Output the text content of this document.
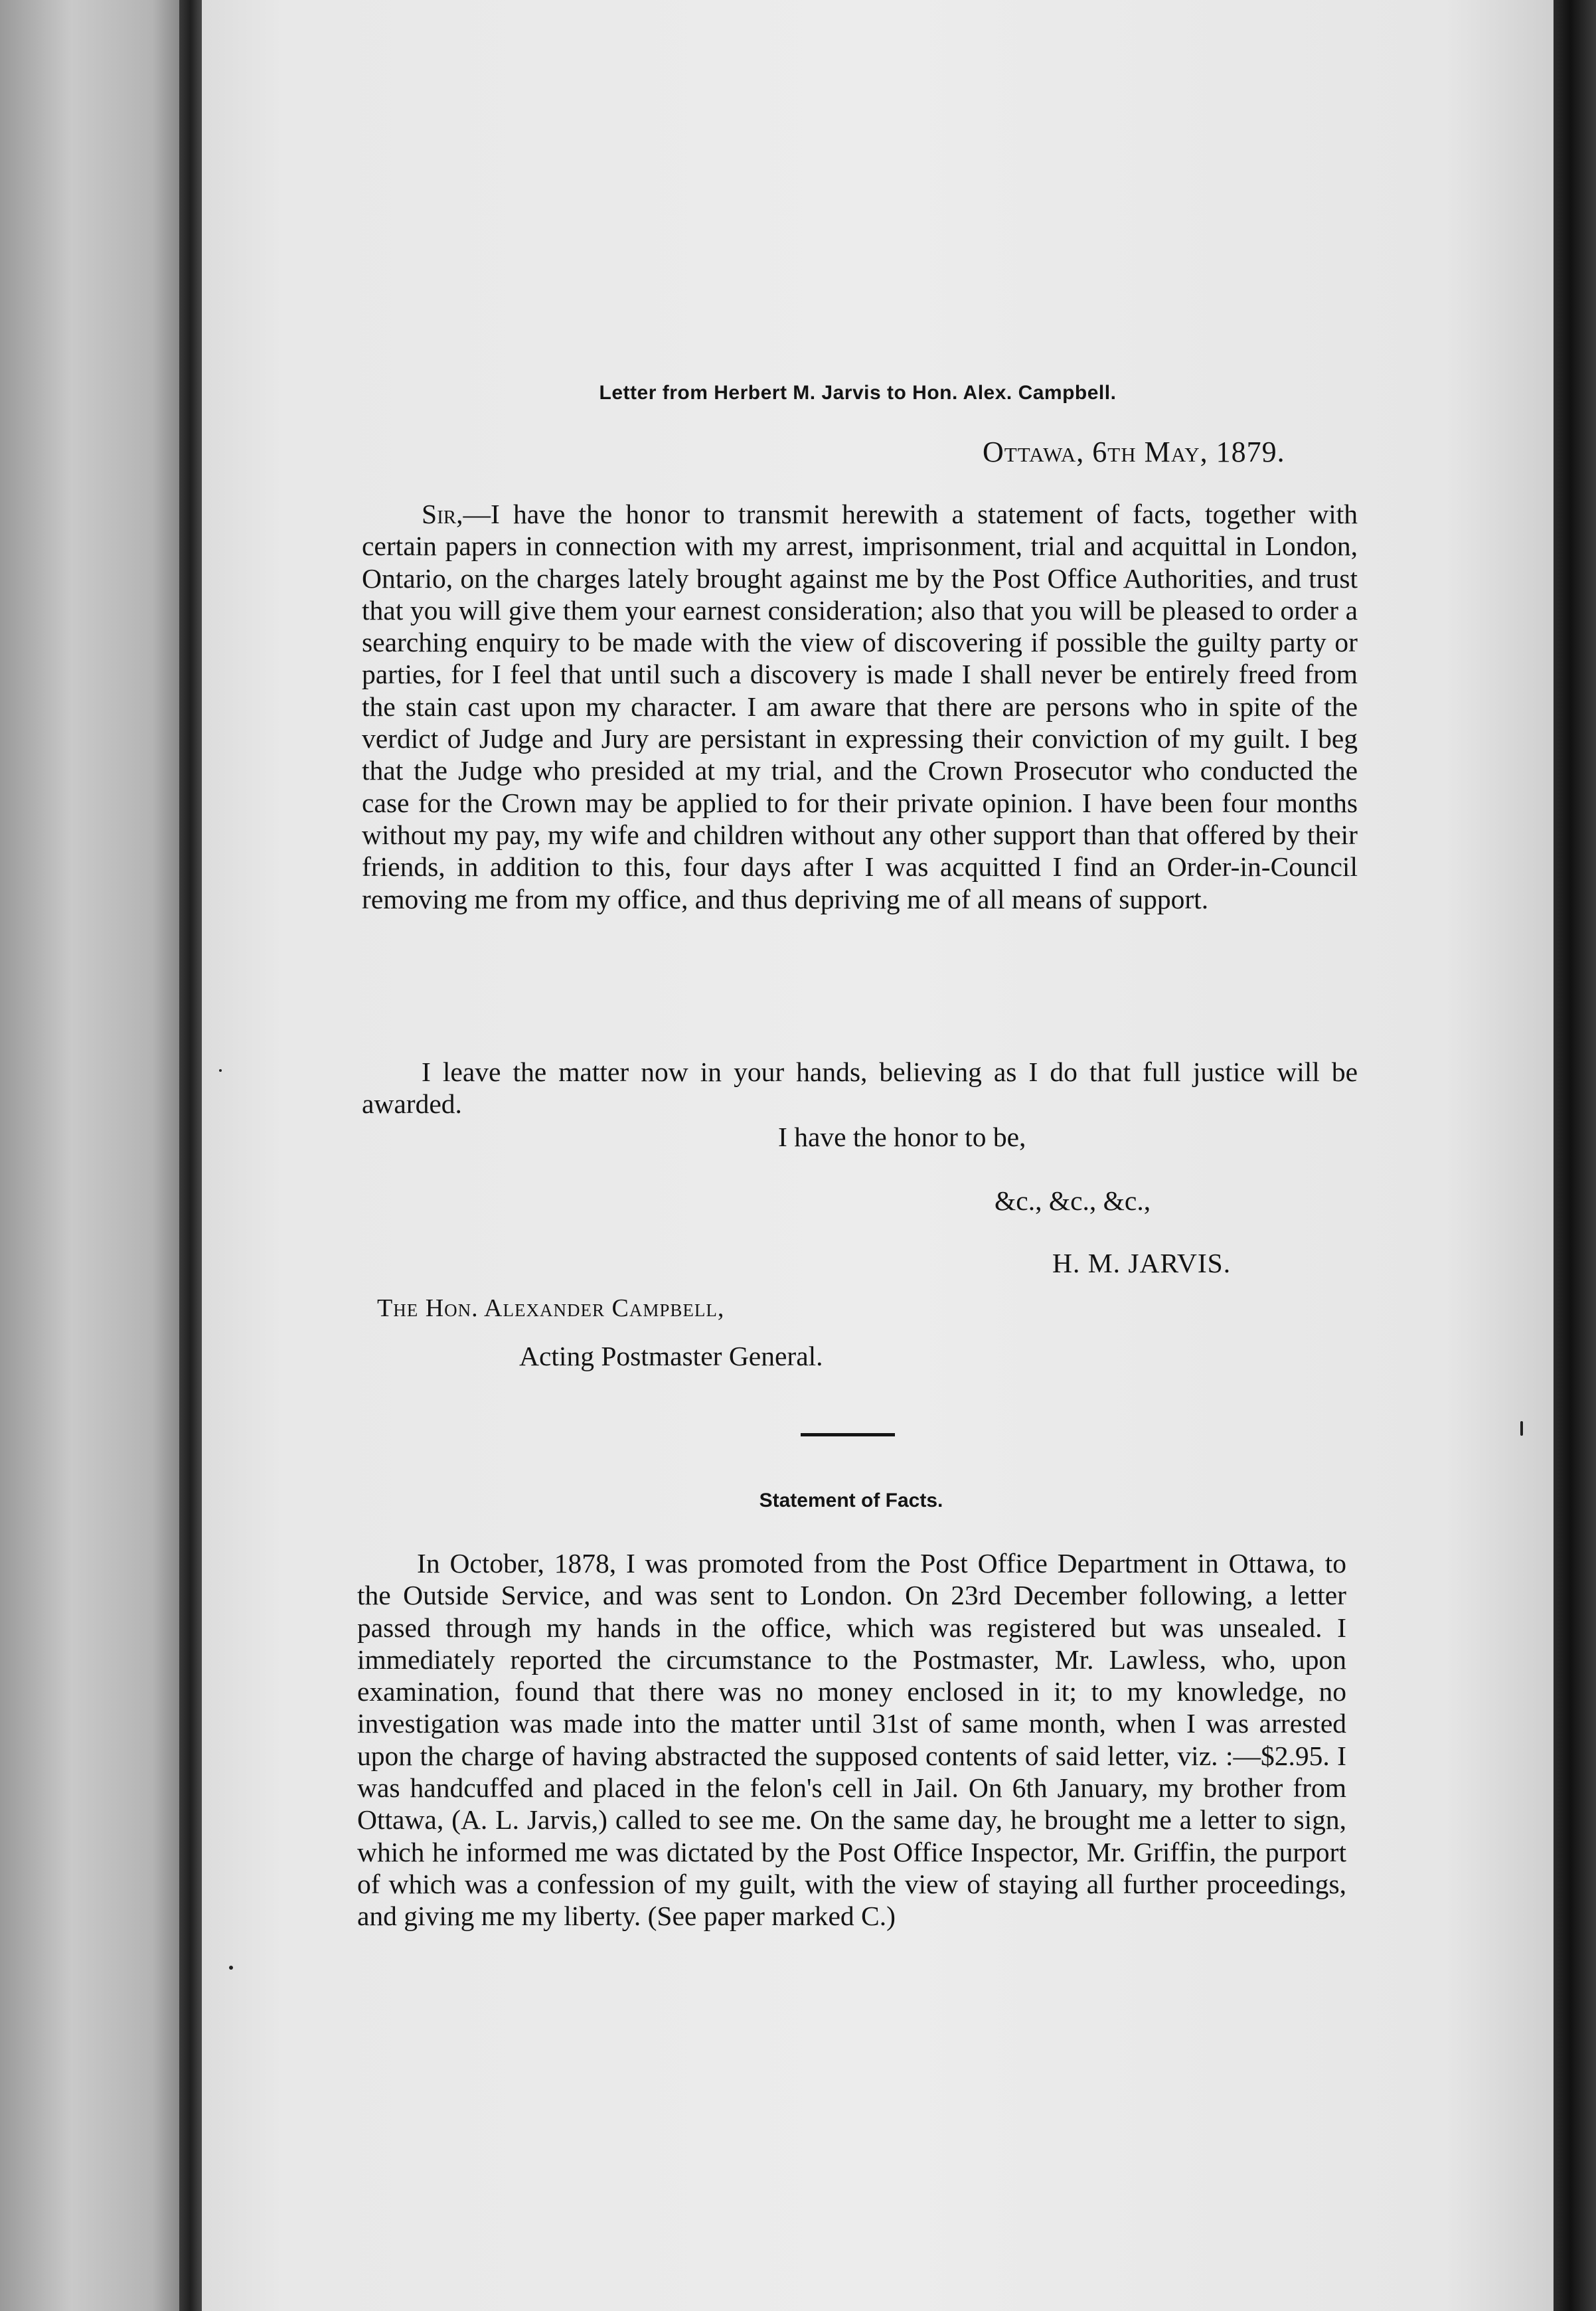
Letter from Herbert M. Jarvis to Hon. Alex. Campbell.
Ottawa, 6th May, 1879.
Sir,—I have the honor to transmit herewith a statement of facts, together with certain papers in connection with my arrest, imprisonment, trial and acquittal in London, Ontario, on the charges lately brought against me by the Post Office Authorities, and trust that you will give them your earnest consideration; also that you will be pleased to order a searching enquiry to be made with the view of discovering if possible the guilty party or parties, for I feel that until such a discovery is made I shall never be entirely freed from the stain cast upon my character. I am aware that there are persons who in spite of the verdict of Judge and Jury are persistant in expressing their conviction of my guilt. I beg that the Judge who presided at my trial, and the Crown Prosecutor who conducted the case for the Crown may be applied to for their private opinion. I have been four months without my pay, my wife and children without any other support than that offered by their friends, in addition to this, four days after I was acquitted I find an Order-in-Council removing me from my office, and thus depriving me of all means of support.
I leave the matter now in your hands, believing as I do that full justice will be awarded.
I have the honor to be,
&c., &c., &c.,
H. M. JARVIS.
The Hon. Alexander Campbell,
Acting Postmaster General.
Statement of Facts.
In October, 1878, I was promoted from the Post Office Department in Ottawa, to the Outside Service, and was sent to London. On 23rd December following, a letter passed through my hands in the office, which was registered but was unsealed. I immediately reported the circumstance to the Postmaster, Mr. Lawless, who, upon examination, found that there was no money enclosed in it; to my knowledge, no investigation was made into the matter until 31st of same month, when I was arrested upon the charge of having abstracted the supposed contents of said letter, viz. :—$2.95. I was handcuffed and placed in the felon's cell in Jail. On 6th January, my brother from Ottawa, (A. L. Jarvis,) called to see me. On the same day, he brought me a letter to sign, which he informed me was dictated by the Post Office Inspector, Mr. Griffin, the purport of which was a confession of my guilt, with the view of staying all further proceedings, and giving me my liberty. (See paper marked C.)
